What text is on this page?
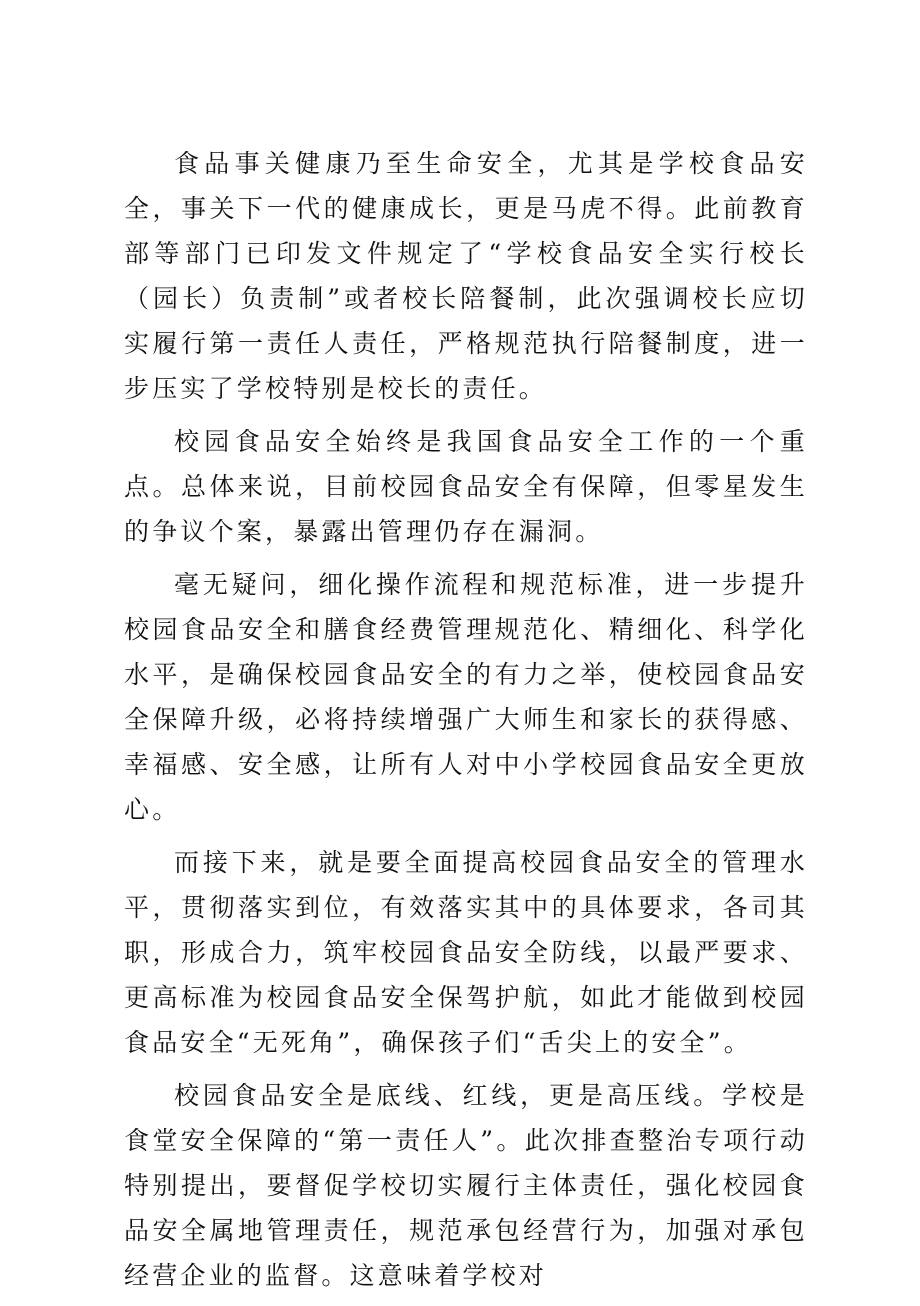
食品事关健康乃至生命安全，尤其是学校食品安全，事关下一代的健康成长，更是马虎不得。此前教育部等部门已印发文件规定了“学校食品安全实行校长（园长）负责制”或者校长陪餐制，此次强调校长应切实履行第一责任人责任，严格规范执行陪餐制度，进一步压实了学校特别是校长的责任。

校园食品安全始终是我国食品安全工作的一个重点。总体来说，目前校园食品安全有保障，但零星发生的争议个案，暴露出管理仍存在漏洞。

毫无疑问，细化操作流程和规范标准，进一步提升校园食品安全和膳食经费管理规范化、精细化、科学化水平，是确保校园食品安全的有力之举，使校园食品安全保障升级，必将持续增强广大师生和家长的获得感、幸福感、安全感，让所有人对中小学校园食品安全更放心。

而接下来，就是要全面提高校园食品安全的管理水平，贯彻落实到位，有效落实其中的具体要求，各司其职，形成合力，筑牢校园食品安全防线，以最严要求、更高标准为校园食品安全保驾护航，如此才能做到校园食品安全“无死角”，确保孩子们“舌尖上的安全”。

校园食品安全是底线、红线，更是高压线。学校是食堂安全保障的“第一责任人”。此次排查整治专项行动特别提出，要督促学校切实履行主体责任，强化校园食品安全属地管理责任，规范承包经营行为，加强对承包经营企业的监督。这意味着学校对
